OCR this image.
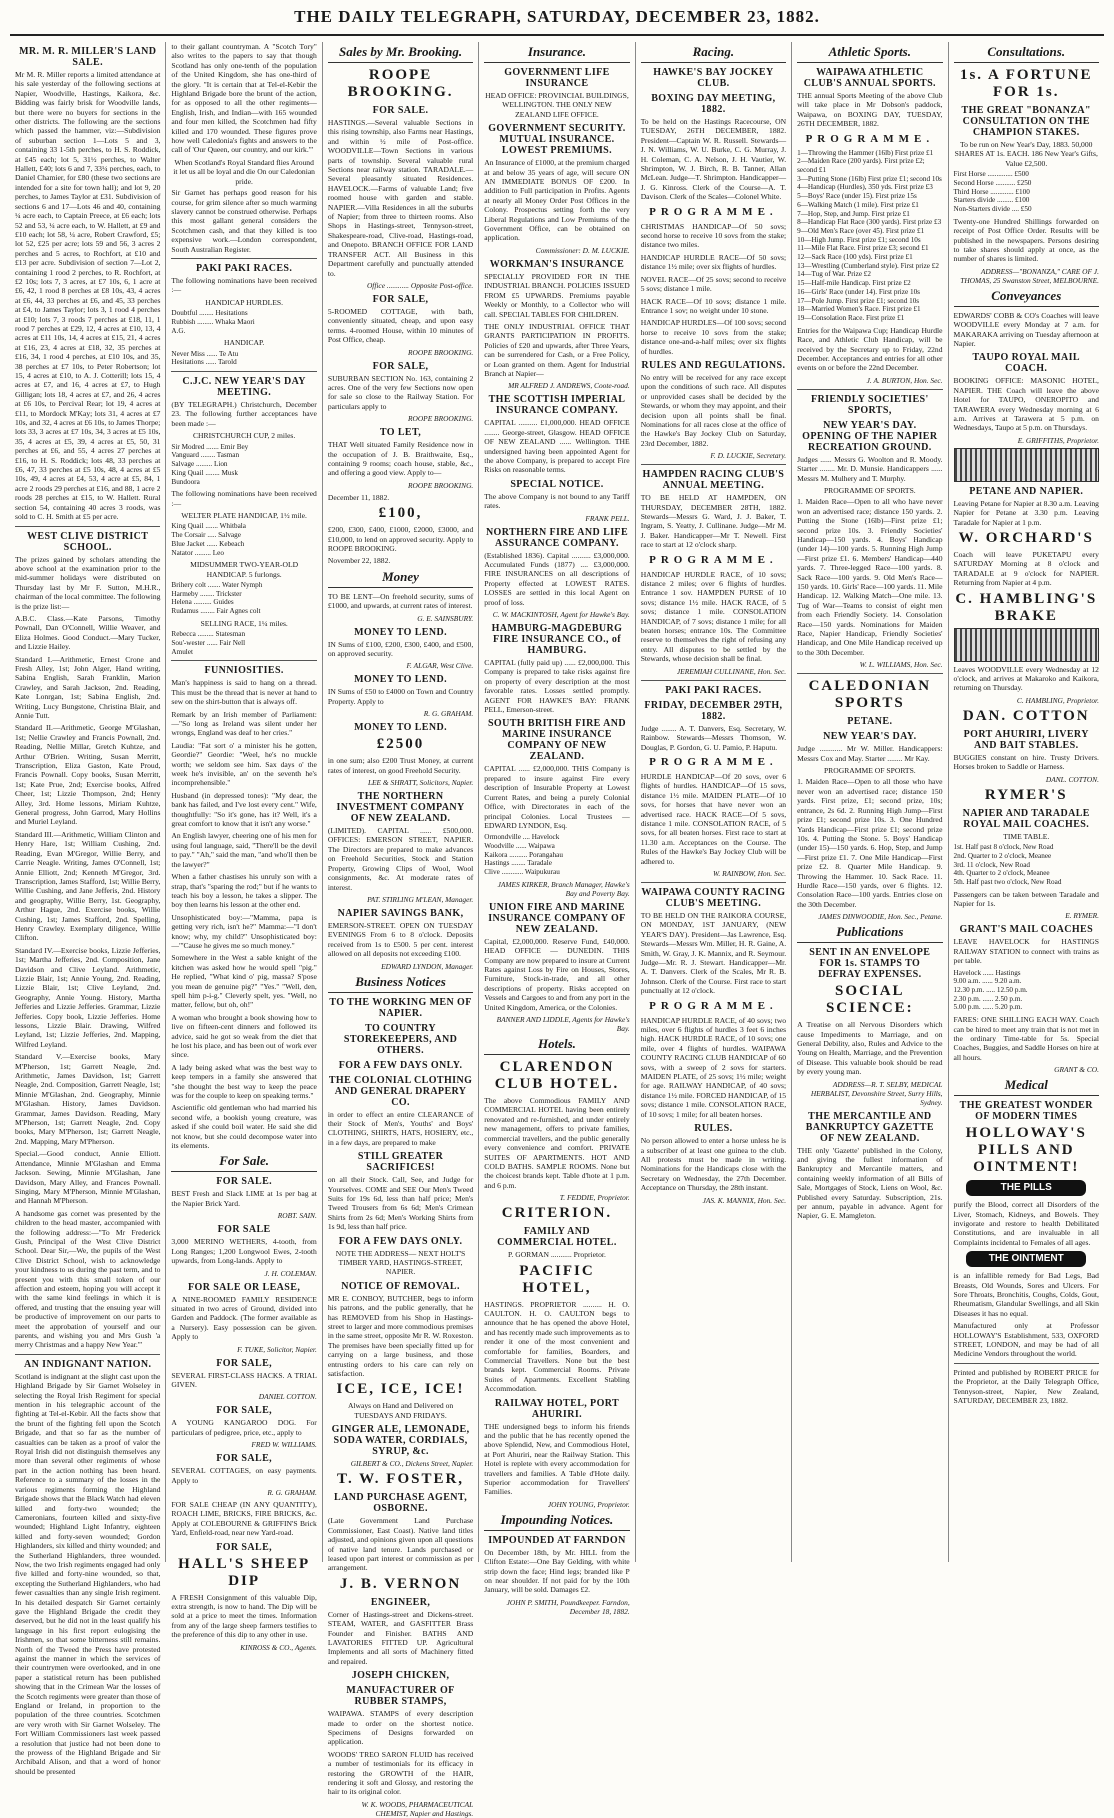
THE DAILY TELEGRAPH, SATURDAY, DECEMBER 23, 1882.
MR. M. R. MILLER'S LAND SALE.
Mr M. R. Miller reports a limited attendance at his sale yesterday of the following sections at Napier, Woodville, Hastings, Kaikora, &c. Bidding was fairly brisk for Woodville lands, but there were no buyers for sections in the other districts. The following are the sections which passed the hammer, viz:—Subdivision of suburban section 1—Lots 5 and 3, containing 33 1-5th perches, to H. S. Roddick, at £45 each; lot 5, 31½ perches, to Walter Hallett, £40; lots 6 and 7, 33¼ perches, each, to Daniel Chamier, for £80 (these two sections are intended for a site for town hall); and lot 9, 20 perches, to James Taylor at £31. Subdivision of sections 6 and 17—Lots 46 and 40, containing ¼ acre each, to Captain Preece, at £6 each; lots 52 and 53, ¼ acre each, to W. Hallett, at £9 and £10 each; lot 58, ¼ acre, Robert Crawford, £5; lot 52, £25 per acre; lots 59 and 56, 3 acres 2 perches and 5 acres, to Rochfort, at £10 and £13 per acre. Subdivision of section 7—Lot 2, containing 1 rood 2 perches, to R. Rochfort, at £2 10s; lots 7, 3 acres, at £7 10s, 6, 1 acre at £6, 42, 1 rood 8 perches at £8 10s, 43, 4 acres at £6, 44, 33 perches at £6, and 45, 33 perches at £4, to James Taylor; lots 3, 1 rood 4 perches at £10; lots 7, 3 roods 7 perches at £18, 11, 1 rood 7 perches at £29, 12, 4 acres at £10, 13, 4 acres at £11 10s, 14, 4 acres at £15, 21, 4 acres at £16, 23, 4 acres at £18, 32, 35 perches at £16, 34, 1 rood 4 perches, at £10 10s, and 35, 38 perches at £7 10s, to Peter Robertson; lot 15, 4 acres at £10, to A. J. Cotterill; lots 15, 4 acres at £7, and 16, 4 acres at £7, to Hugh Gilligan; lots 18, 4 acres at £7, and 26, 4 acres at £6 10s, to Percival Rear; lot 19, 4 acres at £11, to Mordock M'Kay; lots 31, 4 acres at £7 10s, and 32, 4 acres at £6 10s, to James Thorpe; lots 33, 3 acres at £7 10s, 34, 3 acres at £5 10s, 35, 4 acres at £5, 39, 4 acres at £5, 50, 31 perches at £6, and 55, 4 acres 27 perches at £16, to H. S. Roddick; lots 48, 33 perches at £6, 47, 33 perches at £5 10s, 48, 4 acres at £5 10s, 49, 4 acres at £4, 53, 4 acre at £5, 84, 1 acre 2 roods 29 perches at £16, and 88, 1 acre 2 roods 28 perches at £15, to W. Hallett. Rural section 54, containing 40 acres 3 roods, was sold to C. H. Smith at £5 per acre.
WEST CLIVE DISTRICT SCHOOL.
The prizes gained by scholars attending the above school at the examination prior to the mid-summer holidays were distributed on Thursday last by Mr F. Sutton, M.H.R., chairman of the local committee. The following is the prize list:—
A.B.C. Class.—Kate Parsons, Timothy Pownall, Dan O'Connell, Willie Weaver, and Eliza Holmes. Good Conduct.—Mary Tucker, and Lizzie Hailey.
Standard I.—Arithmetic, Ernest Crone and Fresh Alley, 1st; John Alger, Hand writing, Sabina English, Sarah Franklin, Marion Crawley, and Sarah Jackson, 2nd. Reading, Kate Lonrgan, 1st; Sabina English, 2nd. Writing, Lucy Bungstone, Christina Blair, and Annie Tutt.
Standard II.—Arithmetic, George M'Glashan, 1st; Nellie Crawley and Francis Pownall, 2nd. Reading, Nellie Millar, Gretch Kuhtze, and Arthur O'Brien. Writing, Susan Merritt, Transcription, Eliza Gaston, Kate Proud, Francis Pownall. Copy books, Susan Merritt, 1st; Kate Prue, 2nd; Exercise books, Alfred Cheer, 1st; Lizzie Thompson, 2nd; Henry Alley, 3rd. Home lessons, Miriam Kuhtze, General progress, John Garrod, Mary Hollins and Muriel Leyland.
Standard III.—Arithmetic, William Clinton and Henry Hare, 1st; William Cushing, 2nd. Reading, Evan M'Gregor, Willie Berry, and Carrie Neagle. Writing, James O'Connell, 1st; Annie Elliott, 2nd; Kenneth M'Gregor, 3rd. Transcription, James Stafford, 1st; Willie Berry, Willie Cushing, and Jane Jefferis, 2nd. History and geography, Willie Berry, 1st. Geography, Arthur Hague, 2nd. Exercise books, Willie Cushing, 1st; James Stafford, 2nd. Spelling, Henry Crawley. Exemplary diligence, Willie Clifton.
Standard IV.—Exercise books, Lizzie Jefferies, 1st; Martha Jefferies, 2nd. Composition, Jane Davidson and Clive Leyland. Arithmetic, Lizzie Blair, 1st; Annie Young, 2nd. Reading, Lizzie Blair, 1st; Clive Leyland, 2nd. Geography, Annie Young. History, Martha Jefferies and Lizzie Jefferies. Grammar, Lizzie Jefferies. Copy book, Lizzie Jefferies. Home lessons, Lizzie Blair. Drawing, Wilfred Leyland, 1st; Lizzie Jefferies, 2nd. Mapping, Wilfred Leyland.
Standard V.—Exercise books, Mary M'Pherson, 1st; Garrett Neagle, 2nd. Arithmetic, James Davidson, 1st; Garrett Neagle, 2nd. Composition, Garrett Neagle, 1st; Minnie M'Glashan, 2nd. Geography, Minnie M'Glashan. History, James Davidson. Grammar, James Davidson. Reading, Mary M'Pherson, 1st; Garrett Neagle, 2nd. Copy books, Mary M'Pherson, 1st; Garrett Neagle, 2nd. Mapping, Mary M'Pherson.
Special.—Good conduct, Annie Elliott. Attendance, Minnie M'Glashan and Emma Jackson. Sewing, Minnie M'Glashan, Jane Davidson, Mary Alley, and Frances Pownall. Singing, Mary M'Pherson, Minnie M'Glashan, and Hannah M'Pherson.
A handsome gas cornet was presented by the children to the head master, accompanied with the following address:—"To Mr Frederick Gush, Principal of the West Clive District School. Dear Sir,—We, the pupils of the West Clive District School, wish to acknowledge your kindness to us during the past term, and to present you with this small token of our affection and esteem, hoping you will accept it with the same kind feelings in which it is offered, and trusting that the ensuing year will be productive of improvement on our parts to meet the approbation of yourself and our parents, and wishing you and Mrs Gush 'a merry Christmas and a happy New Year.'"
AN INDIGNANT NATION.
Scotland is indignant at the slight cast upon the Highland Brigade by Sir Garnet Wolseley in selecting the Royal Irish Regiment for special mention in his telegraphic account of the fighting at Tel-el-Kebir. All the facts show that the brunt of the fighting fell upon the Scotch Brigade, and that so far as the number of casualties can be taken as a proof of valor the Royal Irish did not distinguish themselves any more than several other regiments of whose part in the action nothing has been heard. Reference to a summary of the losses in the various regiments forming the Highland Brigade shows that the Black Watch had eleven killed and forty-two wounded; the Cameronians, fourteen killed and sixty-five wounded; Highland Light Infantry, eighteen killed and forty-seven wounded; Gordon Highlanders, six killed and thirty wounded; and the Sutherland Highlanders, three wounded. Now, the two Irish regiments engaged had only five killed and forty-nine wounded, so that, excepting the Sutherland Highlanders, who had fewer casualties than any single Irish regiment. In his detailed despatch Sir Garnet certainly gave the Highland Brigade the credit they deserved, but he did not in the least qualify his language in his first report eulogising the Irishmen, so that some bitterness still remains. North of the Tweed the Press have protested against the manner in which the services of their countrymen were overlooked, and in one paper a statistical return has been published showing that in the Crimean War the losses of the Scotch regiments were greater than those of England or Ireland, in proportion to the population of the three countries. Scotchmen are very wroth with Sir Garnet Wolseley. The Fort William Commissioners last week passed a resolution that justice had not been done to the prowess of the Highland Brigade and Sir Archibald Alison, and that a word of honor should be presented
to their gallant countryman. A "Scotch Tory" also writes to the papers to say that though Scotland has only one-tenth of the population of the United Kingdom, she has one-third of the glory. "It is certain that at Tel-el-Kebir the Highland Brigade bore the brunt of the action, for as opposed to all the other regiments—English, Irish, and Indian—with 165 wounded and four men killed, the Scotchmen had fifty killed and 170 wounded. These figures prove how well Caledonia's fights and answers to the call of 'Our Queen, our country, and our kirk.'"
When Scotland's Royal Standard flies Around it let us all be loyal and die On our Caledonian pride.
Sir Garnet has perhaps good reason for his course, for grim silence after so much warming slavery cannot be construed otherwise. Perhaps this most gallant general considers the Scotchmen cash, and that they killed is too expensive work.—London correspondent, South Australian Register.
PAKI PAKI RACES.
The following nominations have been received :—
HANDICAP HURDLES.
Doubtful ........ Hesitations
Rubbish ......... Whaka Maori
A.G.
HANDICAP.
Never Miss ...... Te Atu
Hesitations ...... Tarold
C.J.C. NEW YEAR'S DAY MEETING.
(BY TELEGRAPH.) Christchurch, December 23. The following further acceptances have been made :—
CHRISTCHURCH CUP, 2 miles.
Sir Modred ....... Emir Bey
Vanguard ........ Tasman
Salvage ......... Lion
King Quail ........ Musk
Bundoora
The following nominations have been received :—
WELTER PLATE HANDICAP, 1½ mile.
King Quail ....... Whitbala
The Corsair ..... Salvage
Blue Jacket ...... Kebeach
Natator ......... Leo
MIDSUMMER TWO-YEAR-OLD HANDICAP. 5 furlongs.
Brihery colt ....... Water Nymph
Harmeby ........ Trickster
Helena .......... Guides
Rudamus ........ Fair Agnes colt
SELLING RACE, 1¼ miles.
Rebecca ......... Statesman
Sou'-wester ...... Fair Nell
Amulet
FUNNIOSITIES.
Man's happiness is said to hang on a thread. This must be the thread that is never at hand to sew on the shirt-button that is always off.
Remark by an Irish member of Parliament:—"So long as Ireland was silent under her wrongs, England was deaf to her cries."
Laudia: "Fat sort o' a minister his he gotten, Geordie?" Geordie: "Weel, he's no muckle worth; we seldom see him. Sax days o' the week he's invisible, an' on the seventh he's incomprehensible."
Husband (in depressed tones): "My dear, the bank has failed, and I've lost every cent." Wife, thoughtfully: "So it's gone, has it? Well, it's a great comfort to know that it isn't any worse."
An English lawyer, cheering one of his men for using foul language, said, "There'll be the devil to pay." "Ah," said the man, "and who'll then be the lawyer?"
When a father chastises his unruly son with a strap, that's "sparing the rod;" but if he wants to teach his boy a lesson, he takes a slipper. The boy then learns his lesson at the other end.
Unsophisticated boy:—"Mamma, papa is getting very rich, isn't he?" Mamma:—"I don't know; why, my child?" Unsophisticated boy:—"'Cause he gives me so much money."
Somewhere in the West a sable knight of the kitchen was asked how he would spell "pig." He replied, "What kind o' pig, massa? S'pose you mean de genuine pig?" "Yes." "Well, den, spell him p-i-g." Cleverly spelt, yes. "Well, no matter, fellow, but oh, oh!"
A woman who brought a book showing how to live on fifteen-cent dinners and followed its advice, said he got so weak from the diet that he lost his place, and has been out of work ever since.
A lady being asked what was the best way to keep tempers in a family she answered that "she thought the best way to keep the peace was for the couple to keep on speaking terms."
Ascientific old gentleman who had married his second wife, a bookish young creature, was asked if she could boil water. He said she did not know, but she could decompose water into its elements.
For Sale.
FOR SALE.
BEST Fresh and Slack LIME at 1s per bag at the Napier Brick Yard.
ROBT. SAIN.
FOR SALE
3,000 MERINO WETHERS, 4-tooth, from Long Ranges; 1,200 Longwool Ewes, 2-tooth upwards, from Long-lands. Apply to
J. H. COLEMAN.
FOR SALE OR LEASE,
A NINE-ROOMED FAMILY RESIDENCE situated in two acres of Ground, divided into Garden and Paddock. (The former available as a Nursery). Easy possession can be given. Apply to
F. TUKE, Solicitor, Napier.
FOR SALE,
SEVERAL FIRST-CLASS HACKS. A TRIAL GIVEN.
DANIEL COTTON.
FOR SALE,
A YOUNG KANGAROO DOG. For particulars of pedigree, price, etc., apply to
FRED W. WILLIAMS.
FOR SALE,
SEVERAL COTTAGES, on easy payments. Apply to
R. G. GRAHAM.
FOR SALE CHEAP (IN ANY QUANTITY), ROACH LIME, BRICKS, FIRE BRICKS, &c. Apply at COLEBOURNE & GRIFFIN'S Brick Yard, Enfield-road, near new Yard-road.
FOR SALE,
HALL'S SHEEP DIP
A FRESH Consignment of this valuable Dip, extra strength, is now to hand. The Dip will be sold at a price to meet the times. Information from any of the large sheep farmers testifies to the preference of this dip to any other in use.
KINROSS & CO., Agents.
Sales by Mr. Brooking.
ROOPE BROOKING.
FOR SALE.
HASTINGS.—Several valuable Sections in this rising township, also Farms near Hastings, and within ½ mile of Post-office. WOODVILLE—Town Sections in various parts of township. Several valuable rural Sections near railway station. TARADALE.—Several pleasantly situated Residences. HAVELOCK.—Farms of valuable Land; five roomed house with garden and stable. NAPIER.—Villa Residences in all the suburbs of Napier; from three to thirteen rooms. Also Shops in Hastings-street, Tennyson-street, Shakespeare-road, Clive-road, Hastings-road, and Onepoto. BRANCH OFFICE FOR LAND TRANSFER ACT. All Business in this Department carefully and punctually attended to.
Office ............ Opposite Post-office.
FOR SALE,
5-ROOMED COTTAGE, with bath, conveniently situated, cheap, and upon easy terms. 4-roomed House, within 10 minutes of Post Office, cheap.
ROOPE BROOKING.
FOR SALE,
SUBURBAN SECTION No. 163, containing 2 acres. One of the very few Sections now open for sale so close to the Railway Station. For particulars apply to
ROOPE BROOKING.
TO LET,
THAT Well situated Family Residence now in the occupation of J. B. Braithwaite, Esq., containing 9 rooms; coach house, stable, &c., and offering a good view. Apply to—
ROOPE BROOKING.
December 11, 1882.
£100,
£200, £300, £400, £1000, £2000, £3000, and £10,000, to lend on approved security. Apply to ROOPE BROOKING.
November 22, 1882.
Money
TO BE LENT—On freehold security, sums of £1000, and upwards, at current rates of interest.
G. E. SAINSBURY.
MONEY TO LEND.
IN Sums of £100, £200, £300, £400, and £500, on approved security.
F. ALGAR, West Clive.
MONEY TO LEND.
IN Sums of £50 to £4000 on Town and Country Property. Apply to
R. G. GRAHAM.
MONEY TO LEND.
£2500
in one sum; also £200 Trust Money, at current rates of interest, on good Freehold Security.
LEE & SHRATT, Solicitors, Napier.
THE NORTHERN INVESTMENT COMPANY OF NEW ZEALAND.
(LIMITED). CAPITAL ...... £500,000. OFFICES: EMERSON STREET, NAPIER. The Directors are prepared to make advances on Freehold Securities, Stock and Station Property, Growing Clips of Wool, Wool consignments, &c. At moderate rates of interest.
PAT. STIRLING M'LEAN, Manager.
NAPIER SAVINGS BANK,
EMERSON-STREET. OPEN ON TUESDAY EVENINGS From 6 to 8 o'clock. Deposits received from 1s to £500. 5 per cent. interest allowed on all deposits not exceeding £100.
EDWARD LYNDON, Manager.
Business Notices
TO THE WORKING MEN OF NAPIER.
TO COUNTRY STOREKEEPERS, AND OTHERS.
FOR A FEW DAYS ONLY.
THE COLONIAL CLOTHING AND GENERAL DRAPERY CO.
in order to effect an entire CLEARANCE of their Stock of Men's, Youths' and Boys' CLOTHING, SHIRTS, HATS, HOSIERY, etc., in a few days, are prepared to make
STILL GREATER SACRIFICES!
on all their Stock. Call, See, and Judge for Yourselves. COME and SEE Our Men's Tweed Suits for 19s 6d, less than half price; Men's Tweed Trousers from 6s 6d; Men's Crimean Shirts from 2s 6d; Men's Working Shirts from 1s 9d, less than half price.
FOR A FEW DAYS ONLY.
NOTE THE ADDRESS— NEXT HOLT'S TIMBER YARD, HASTINGS-STREET, NAPIER.
NOTICE OF REMOVAL.
MR E. CONBOY, BUTCHER, begs to inform his patrons, and the public generally, that he has REMOVED from his Shop in Hastings-street to larger and more commodious premises in the same street, opposite Mr R. W. Roxeston. The premises have been specially fitted up for carrying on a large business, and those entrusting orders to his care can rely on satisfaction.
ICE, ICE, ICE!
Always on Hand and Delivered on TUESDAYS AND FRIDAYS.
GINGER ALE, LEMONADE, SODA WATER, CORDIALS, SYRUP, &c.
GILBERT & CO., Dickens Street, Napier.
T. W. FOSTER,
LAND PURCHASE AGENT, OSBORNE.
(Late Government Land Purchase Commissioner, East Coast). Native land titles adjusted, and opinions given upon all questions of native land tenure. Lands purchased or leased upon part interest or commission as per arrangement.
J. B. VERNON
ENGINEER,
Corner of Hastings-street and Dickens-street. STEAM, WATER, and GASFITTER Brass Founder and Finisher. BATHS AND LAVATORIES FITTED UP. Agricultural Implements and all sorts of Machinery fitted and repaired.
JOSEPH CHICKEN,
MANUFACTURER OF RUBBER STAMPS,
WAIPAWA. STAMPS of every description made to order on the shortest notice. Specimens of Designs forwarded on application.
WOODS' TREO SARON FLUID has received a number of testimonials for its efficacy in restoring the GROWTH of the HAIR, rendering it soft and Glossy, and restoring the hair to its original color.
W. K. WOODS, PHARMACEUTICAL CHEMIST, Napier and Hastings.
Insurance.
GOVERNMENT LIFE INSURANCE
HEAD OFFICE: PROVINCIAL BUILDINGS, WELLINGTON. THE ONLY NEW ZEALAND LIFE OFFICE.
GOVERNMENT SECURITY. MUTUAL INSURANCE. LOWEST PREMIUMS.
An Insurance of £1000, at the premium charged at and below 35 years of age, will secure ON AN IMMEDIATE BONUS OF £200. In addition to Full participation in Profits. Agents at nearly all Money Order Post Offices in the Colony. Prospectus setting forth the very Liberal Regulations and Low Premiums of the Government Office, can be obtained on application.
Commissioner: D. M. LUCKIE.
WORKMAN'S INSURANCE
SPECIALLY PROVIDED FOR IN THE INDUSTRIAL BRANCH. POLICIES ISSUED FROM £5 UPWARDS. Premiums payable Weekly or Monthly, to a Collector who will call. SPECIAL TABLES FOR CHILDREN.
THE ONLY INDUSTRIAL OFFICE THAT GRANTS PARTICIPATION IN PROFITS. Policies of £20 and upwards, after Three Years, can be surrendered for Cash, or a Free Policy, or Loan granted on them. Agent for Industrial Branch at Napier—
MR ALFRED J. ANDREWS, Coote-road.
THE SCOTTISH IMPERIAL INSURANCE COMPANY.
CAPITAL .......... £1,000,000. HEAD OFFICE ........ George-street, Glasgow. HEAD OFFICE OF NEW ZEALAND ...... Wellington. THE undersigned having been appointed Agent for the above Company, is prepared to accept Fire Risks on reasonable terms.
SPECIAL NOTICE.
The above Company is not bound to any Tariff rates.
FRANK PELL.
NORTHERN FIRE AND LIFE ASSURANCE COMPANY.
(Established 1836). Capital .......... £3,000,000. Accumulated Funds (1877) .... £3,000,000. FIRE INSURANCES on all descriptions of Property effected at LOWEST RATES. LOSSES are settled in this local Agent on proof of loss.
C. W. MACKINTOSH, Agent for Hawke's Bay.
HAMBURG-MAGDEBURG FIRE INSURANCE CO., of HAMBURG.
CAPITAL (fully paid up) ...... £2,000,000. This Company is prepared to take risks against fire on property of every description at the most favorable rates. Losses settled promptly. AGENT FOR HAWKE'S BAY: FRANK PELL, Emerson-street.
SOUTH BRITISH FIRE AND MARINE INSURANCE COMPANY OF NEW ZEALAND.
CAPITAL ...... £2,000,000. THIS Company is prepared to insure against Fire every description of Insurable Property at Lowest Current Rates, and being a purely Colonial Office, with Directorates in each of the principal Colonies. Local Trustees — EDWARD LYNDON, Esq.
Ormondville .... Havelock
Woodville ...... Waipawa
Kaikora .......... Porangahau
Hastings ........ Taradale
Clive ............ Waipukurau
JAMES KIRKER, Branch Manager, Hawke's Bay and Poverty Bay.
UNION FIRE AND MARINE INSURANCE COMPANY OF NEW ZEALAND.
Capital, £2,000,000. Reserve Fund, £40,000. HEAD OFFICE — DUNEDIN. THIS Company are now prepared to insure at Current Rates against Loss by Fire on Houses, Stores, Furniture, Stock-in-trade, and all other descriptions of property. Risks accepted on Vessels and Cargoes to and from any port in the United Kingdom, America, or the Colonies.
BANNER AND LIDDLE, Agents for Hawke's Bay.
Hotels.
CLARENDON CLUB HOTEL.
The above Commodious FAMILY AND COMMERCIAL HOTEL having been entirely renovated and re-furnished, and under entirely new management, offers to private families, commercial travellers, and the public generally every convenience and comfort. PRIVATE SUITES OF APARTMENTS. HOT AND COLD BATHS. SAMPLE ROOMS. None but the choicest brands kept. Table d'hote at 1 p.m. and 6 p.m.
T. FEDDIE, Proprietor.
CRITERION.
FAMILY AND COMMERCIAL HOTEL.
P. GORMAN ........... Proprietor.
PACIFIC HOTEL,
HASTINGS. PROPRIETOR .......... H. O. CAULTON. H. O. CAULTON begs to announce that he has opened the above Hotel, and has recently made such improvements as to render it one of the most convenient and comfortable for families, Boarders, and Commercial Travellers. None but the best brands kept. Commercial Rooms. Private Suites of Apartments. Excellent Stabling Accommodation.
RAILWAY HOTEL, PORT AHURIRI.
THE undersigned begs to inform his friends and the public that he has recently opened the above Splendid, New, and Commodious Hotel, at Port Ahuriri, near the Railway Station. This Hotel is replete with every accommodation for travellers and families. A Table d'Hote daily. Superior accommodation for Travellers' Families.
JOHN YOUNG, Proprietor.
Impounding Notices.
IMPOUNDED AT FARNDON
On December 18th, by Mr. HILL from the Clifton Estate:—One Bay Gelding, with white strip down the face; Hind legs; branded like P on near shoulder. If not paid for by the 10th January, will be sold. Damages £2.
JOHN P. SMITH, Poundkeeper. Farndon, December 18, 1882.
Racing.
HAWKE'S BAY JOCKEY CLUB.
BOXING DAY MEETING, 1882.
To be held on the Hastings Racecourse, ON TUESDAY, 26TH DECEMBER, 1882. President—Captain W. R. Russell. Stewards—J. N. Williams, W. U. Burke, C. G. Murray, J. H. Coleman, C. A. Nelson, J. H. Vautier, W. Shrimpton, W. J. Birch, R. B. Tanner, Allan McLean. Judge—T. Shrimpton. Handicapper—J. G. Kinross. Clerk of the Course—A. T. Davison. Clerk of the Scales—Colonel White.
PROGRAMME.
CHRISTMAS HANDICAP—Of 50 sovs; second horse to receive 10 sovs from the stake; distance two miles.
HANDICAP HURDLE RACE—Of 50 sovs; distance 1½ mile; over six flights of hurdles.
NOVEL RACE—Of 25 sovs; second to receive 5 sovs; distance 1 mile.
HACK RACE—Of 10 sovs; distance 1 mile. Entrance 1 sov; no weight under 10 stone.
HANDICAP HURDLES—Of 100 sovs; second horse to receive 10 sovs from the stake; distance one-and-a-half miles; over six flights of hurdles.
RULES AND REGULATIONS.
No entry will be received for any race except upon the conditions of such race. All disputes or unprovided cases shall be decided by the Stewards, or whom they may appoint, and their decision upon all points shall be final. Nominations for all races close at the office of the Hawke's Bay Jockey Club on Saturday, 23rd December, 1882.
F. D. LUCKIE, Secretary.
HAMPDEN RACING CLUB'S ANNUAL MEETING.
TO BE HELD AT HAMPDEN, ON THURSDAY, DECEMBER 28TH, 1882. Stewards—Messrs G. Ward, J. J. Baker, T. Ingram, S. Yeatty, J. Cullinane. Judge—Mr M. J. Baker. Handicapper—Mr T. Newell. First race to start at 12 o'clock sharp.
PROGRAMME.
HANDICAP HURDLE RACE, of 10 sovs; distance 2 miles; over 6 flights of hurdles. Entrance 1 sov. HAMPDEN PURSE of 10 sovs; distance 1½ mile. HACK RACE, of 5 sovs; distance 1 mile. CONSOLATION HANDICAP, of 7 sovs; distance 1 mile; for all beaten horses; entrance 10s. The Committee reserve to themselves the right of refusing any entry. All disputes to be settled by the Stewards, whose decision shall be final.
JEREMIAH CULLINANE, Hon. Sec.
PAKI PAKI RACES.
FRIDAY, DECEMBER 29TH, 1882.
Judge ........ A. T. Danvers, Esq. Secretary, W. Rainbow. Stewards—Messrs Thomson, W. Douglas, P. Gordon, G. U. Pamio, P. Haputu.
PROGRAMME.
HURDLE HANDICAP—Of 20 sovs, over 6 flights of hurdles. HANDICAP—Of 15 sovs, distance 1½ mile. MAIDEN PLATE—Of 10 sovs, for horses that have never won an advertised race. HACK RACE—Of 5 sovs, distance 1 mile. CONSOLATION RACE, of 5 sovs, for all beaten horses. First race to start at 11.30 a.m. Acceptances on the Course. The Rules of the Hawke's Bay Jockey Club will be adhered to.
W. RAINBOW, Hon. Sec.
WAIPAWA COUNTY RACING CLUB'S MEETING.
TO BE HELD ON THE RAIKORA COURSE, ON MONDAY, 1ST JANUARY, (NEW YEAR'S DAY). President—Jas Lawrence, Esq. Stewards—Messrs Wm. Miller, H. R. Gaine, A. Smith, W. Gray, J. K. Mannix, and R. Seymour. Judge—Mr. R. J. Stewart. Handicapper—Mr. A. T. Danvers. Clerk of the Scales, Mr R. B. Johnson. Clerk of the Course. First race to start punctually at 12 o'clock.
PROGRAMME.
HANDICAP HURDLE RACE, of 40 sovs; two miles, over 6 flights of hurdles 3 feet 6 inches high. HACK HURDLE RACE, of 10 sovs; one mile, over 4 flights of hurdles. WAIPAWA COUNTY RACING CLUB HANDICAP of 60 sovs, with a sweep of 2 sovs for starters. MAIDEN PLATE, of 25 sovs; 1½ mile; weight for age. RAILWAY HANDICAP, of 40 sovs; distance 1½ mile. FORCED HANDICAP, of 15 sovs; distance 1 mile. CONSOLATION RACE, of 10 sovs; 1 mile; for all beaten horses.
RULES.
No person allowed to enter a horse unless he is a subscriber of at least one guinea to the club. All protests must be made in writing. Nominations for the Handicaps close with the Secretary on Wednesday, the 27th December. Acceptance on Thursday, the 28th instant.
JAS. K. MANNIX, Hon. Sec.
Athletic Sports.
WAIPAWA ATHLETIC CLUB'S ANNUAL SPORTS.
THE annual Sports Meeting of the above Club will take place in Mr Dobson's paddock, Waipawa, on BOXING DAY, TUESDAY, 26TH DECEMBER, 1882.
PROGRAMME.
1—Throwing the Hammer (16lb) First prize £1
2—Maiden Race (200 yards). First prize £2; second £1
3—Putting Stone (16lb) First prize £1; second 10s
4—Handicap (Hurdles), 350 yds. First prize £3
5—Boys' Race (under 15). First prize 15s
6—Walking Match (1 mile). First prize £1
7—Hop, Step, and Jump. First prize £1
8—Handicap Flat Race (300 yards). First prize £3
9—Old Men's Race (over 45). First prize £1
10—High Jump. First prize £1; second 10s
11—Mile Flat Race. First prize £3; second £1
12—Sack Race (100 yds). First prize £1
13—Wrestling (Cumberland style). First prize £2
14—Tug of War. Prize £2
15—Half-mile Handicap. First prize £2
16—Girls' Race (under 14). First prize 10s
17—Pole Jump. First prize £1; second 10s
18—Married Women's Race. First prize £1
19—Consolation Race. First prize £1
Entries for the Waipawa Cup; Handicap Hurdle Race, and Athletic Club Handicap, will be received by the Secretary up to Friday, 22nd December. Acceptances and entries for all other events on or before the 22nd December.
J. A. BURTON, Hon. Sec.
FRIENDLY SOCIETIES' SPORTS,
NEW YEAR'S DAY. OPENING OF THE NAPIER RECREATION GROUND.
Judges ...... Messrs G. Woolton and R. Moody. Starter ........ Mr. D. Munsie. Handicappers ...... Messrs M. Mulhery and T. Murphy.
PROGRAMME OF SPORTS.
1. Maiden Race—Open to all who have never won an advertised race; distance 150 yards. 2. Putting the Stone (16lb)—First prize £1; second prize 10s. 3. Friendly Societies' Handicap—150 yards. 4. Boys' Handicap (under 14)—100 yards. 5. Running High Jump—First prize £1. 6. Members' Handicap—440 yards. 7. Three-legged Race—100 yards. 8. Sack Race—100 yards. 9. Old Men's Race—150 yards. 10. Girls' Race—100 yards. 11. Mile Handicap. 12. Walking Match—One mile. 13. Tug of War—Teams to consist of eight men from each Friendly Society. 14. Consolation Race—150 yards. Nominations for Maiden Race, Napier Handicap, Friendly Societies' Handicap, and One Mile Handicap received up to the 30th December.
W. L. WILLIAMS, Hon. Sec.
CALEDONIAN SPORTS
PETANE.
NEW YEAR'S DAY.
Judge ............ Mr W. Miller. Handicappers: Messrs Cox and May. Starter ........ Mr Kay.
PROGRAMME OF SPORTS.
1. Maiden Race—Open to all those who have never won an advertised race; distance 150 yards. First prize, £1; second prize, 10s; entrance, 2s 6d. 2. Running High Jump—First prize £1; second prize 10s. 3. One Hundred Yards Handicap—First prize £1; second prize 10s. 4. Putting the Stone. 5. Boys' Handicap (under 15)—150 yards. 6. Hop, Step, and Jump—First prize £1. 7. One Mile Handicap—First prize £2. 8. Quarter Mile Handicap. 9. Throwing the Hammer. 10. Sack Race. 11. Hurdle Race—150 yards, over 6 flights. 12. Consolation Race—100 yards. Entries close on the 30th December.
JAMES DINWOODIE, Hon. Sec., Petane.
Publications
SENT IN AN ENVELOPE FOR 1s. STAMPS TO DEFRAY EXPENSES.
SOCIAL SCIENCE:
A Treatise on all Nervous Disorders which cause Impediments to Marriage, and on General Debility, also, Rules and Advice to the Young on Health, Marriage, and the Prevention of Disease. This valuable book should be read by every young man.
ADDRESS—R. T. SELBY, MEDICAL HERBALIST, Devonshire Street, Surry Hills, Sydney.
THE MERCANTILE AND BANKRUPTCY GAZETTE OF NEW ZEALAND.
THE only 'Gazette' published in the Colony, and giving the fullest information of Bankruptcy and Mercantile matters, and containing weekly information of all Bills of Sale, Mortgages of Stock, Liens on Wool, &c. Published every Saturday. Subscription, 21s. per annum, payable in advance. Agent for Napier, G. E. Mamgleton.
Consultations.
1s. A FORTUNE FOR 1s.
THE GREAT "BONANZA" CONSULTATION ON THE CHAMPION STAKES.
To be run on New Year's Day, 1883. 50,000 SHARES AT 1s. EACH. 186 New Year's Gifts, Value £2,500.
First Horse .............. £500
Second Horse ........... £250
Third Horse ............. £100
Starters divide ......... £100
Non-Starters divide .... £50
Twenty-one Hundred Shillings forwarded on receipt of Post Office Order. Results will be published in the newspapers. Persons desiring to take shares should apply at once, as the number of shares is limited.
ADDRESS—"BONANZA," CARE OF J. THOMAS, 25 Swanston Street, MELBOURNE.
Conveyances
EDWARDS' COBB & CO's Coaches will leave WOODVILLE every Monday at 7 a.m. for MAKARAKA arriving on Tuesday afternoon at Napier.
TAUPO ROYAL MAIL COACH.
BOOKING OFFICE: MASONIC HOTEL, NAPIER. THE Coach will leave the above Hotel for TAUPO, ONEROPITO and TARAWERA every Wednesday morning at 6 a.m. Arrives at Tarawera at 5 p.m. on Wednesdays, Taupo at 5 p.m. on Thursdays.
E. GRIFFITHS, Proprietor.
PETANE AND NAPIER.
Leaving Petane for Napier at 8.30 a.m. Leaving Napier for Petane at 3.30 p.m. Leaving Taradale for Napier at 1 p.m.
W. ORCHARD'S
Coach will leave PUKETAPU every SATURDAY Morning at 8 o'clock and TARADALE at 9 o'clock for NAPIER. Returning from Napier at 4 p.m.
C. HAMBLING'S BRAKE
Leaves WOODVILLE every Wednesday at 12 o'clock, and arrives at Makaroko and Kaikora, returning on Thursday.
C. HAMBLING, Proprietor.
DAN. COTTON
PORT AHURIRI, LIVERY AND BAIT STABLES.
BUGGIES constant on hire. Trusty Drivers. Horses broken to Saddle or Harness.
DANL. COTTON.
RYMER'S
NAPIER AND TARADALE ROYAL MAIL COACHES.
TIME TABLE.
1st. Half past 8 o'clock, New Road
2nd. Quarter to 2 o'clock, Meanee
3rd. 11 o'clock, New Road
4th. Quarter to 2 o'clock, Meanee
5th. Half past two o'clock, New Road
Passengers can be taken between Taradale and Napier for 1s.
E. RYMER.
GRANT'S MAIL COACHES
LEAVE HAVELOCK for HASTINGS RAILWAY STATION to connect with trains as per table.
Havelock ...... Hastings
9.00 a.m. ...... 9.20 a.m.
12.30 p.m. ..... 12.50 p.m.
2.30 p.m. ...... 2.50 p.m.
5.00 p.m. ...... 5.20 p.m.
FARES: ONE SHILLING EACH WAY. Coach can be hired to meet any train that is not met in the ordinary Time-table for 5s. Special Coaches, Buggies, and Saddle Horses on hire at all hours.
GRANT & CO.
Medical
THE GREATEST WONDER OF MODERN TIMES
HOLLOWAY'S PILLS AND OINTMENT!
THE PILLS
purify the Blood, correct all Disorders of the Liver, Stomach, Kidneys, and Bowels. They invigorate and restore to health Debilitated Constitutions, and are invaluable in all Complaints incidental to Females of all ages.
THE OINTMENT
is an infallible remedy for Bad Legs, Bad Breasts, Old Wounds, Sores and Ulcers. For Sore Throats, Bronchitis, Coughs, Colds, Gout, Rheumatism, Glandular Swellings, and all Skin Diseases it has no equal.
Manufactured only at Professor HOLLOWAY'S Establishment, 533, OXFORD STREET, LONDON, and may be had of all Medicine Vendors throughout the world.
Printed and published by ROBERT PRICE for the Proprietor, at the Daily Telegraph Office, Tennyson-street, Napier, New Zealand, SATURDAY, DECEMBER 23, 1882.
